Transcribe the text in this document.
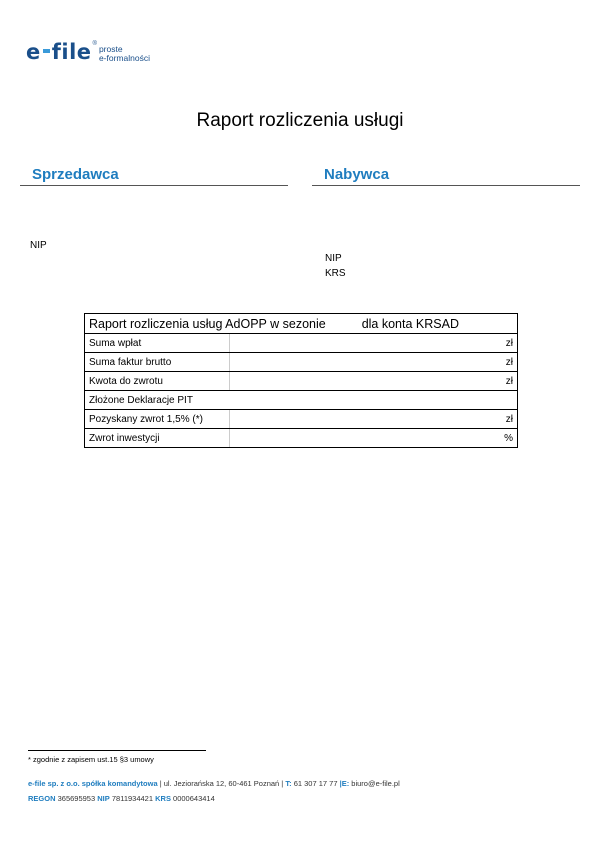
e file ® proste
e-formalności
Raport rozliczenia usługi
Sprzedawca
NIP
Nabywca
NIP
KRS
Raport rozliczenia usług AdOPP w sezonie dla konta KRSAD	
Suma wpłat	zł
Suma faktur brutto	zł
Kwota do zwrotu	zł
Złożone Deklaracje PIT	
Pozyskany zwrot 1,5% (*)	zł
Zwrot inwestycji	%
* zgodnie z zapisem ust.15 §3 umowy
e-file sp. z o.o. spółka komandytowa | ul. Jeziorańska 12, 60-461 Poznań | T: 61 307 17 77 |E: biuro@e-file.pl
REGON 365695953 NIP 7811934421 KRS 0000643414
